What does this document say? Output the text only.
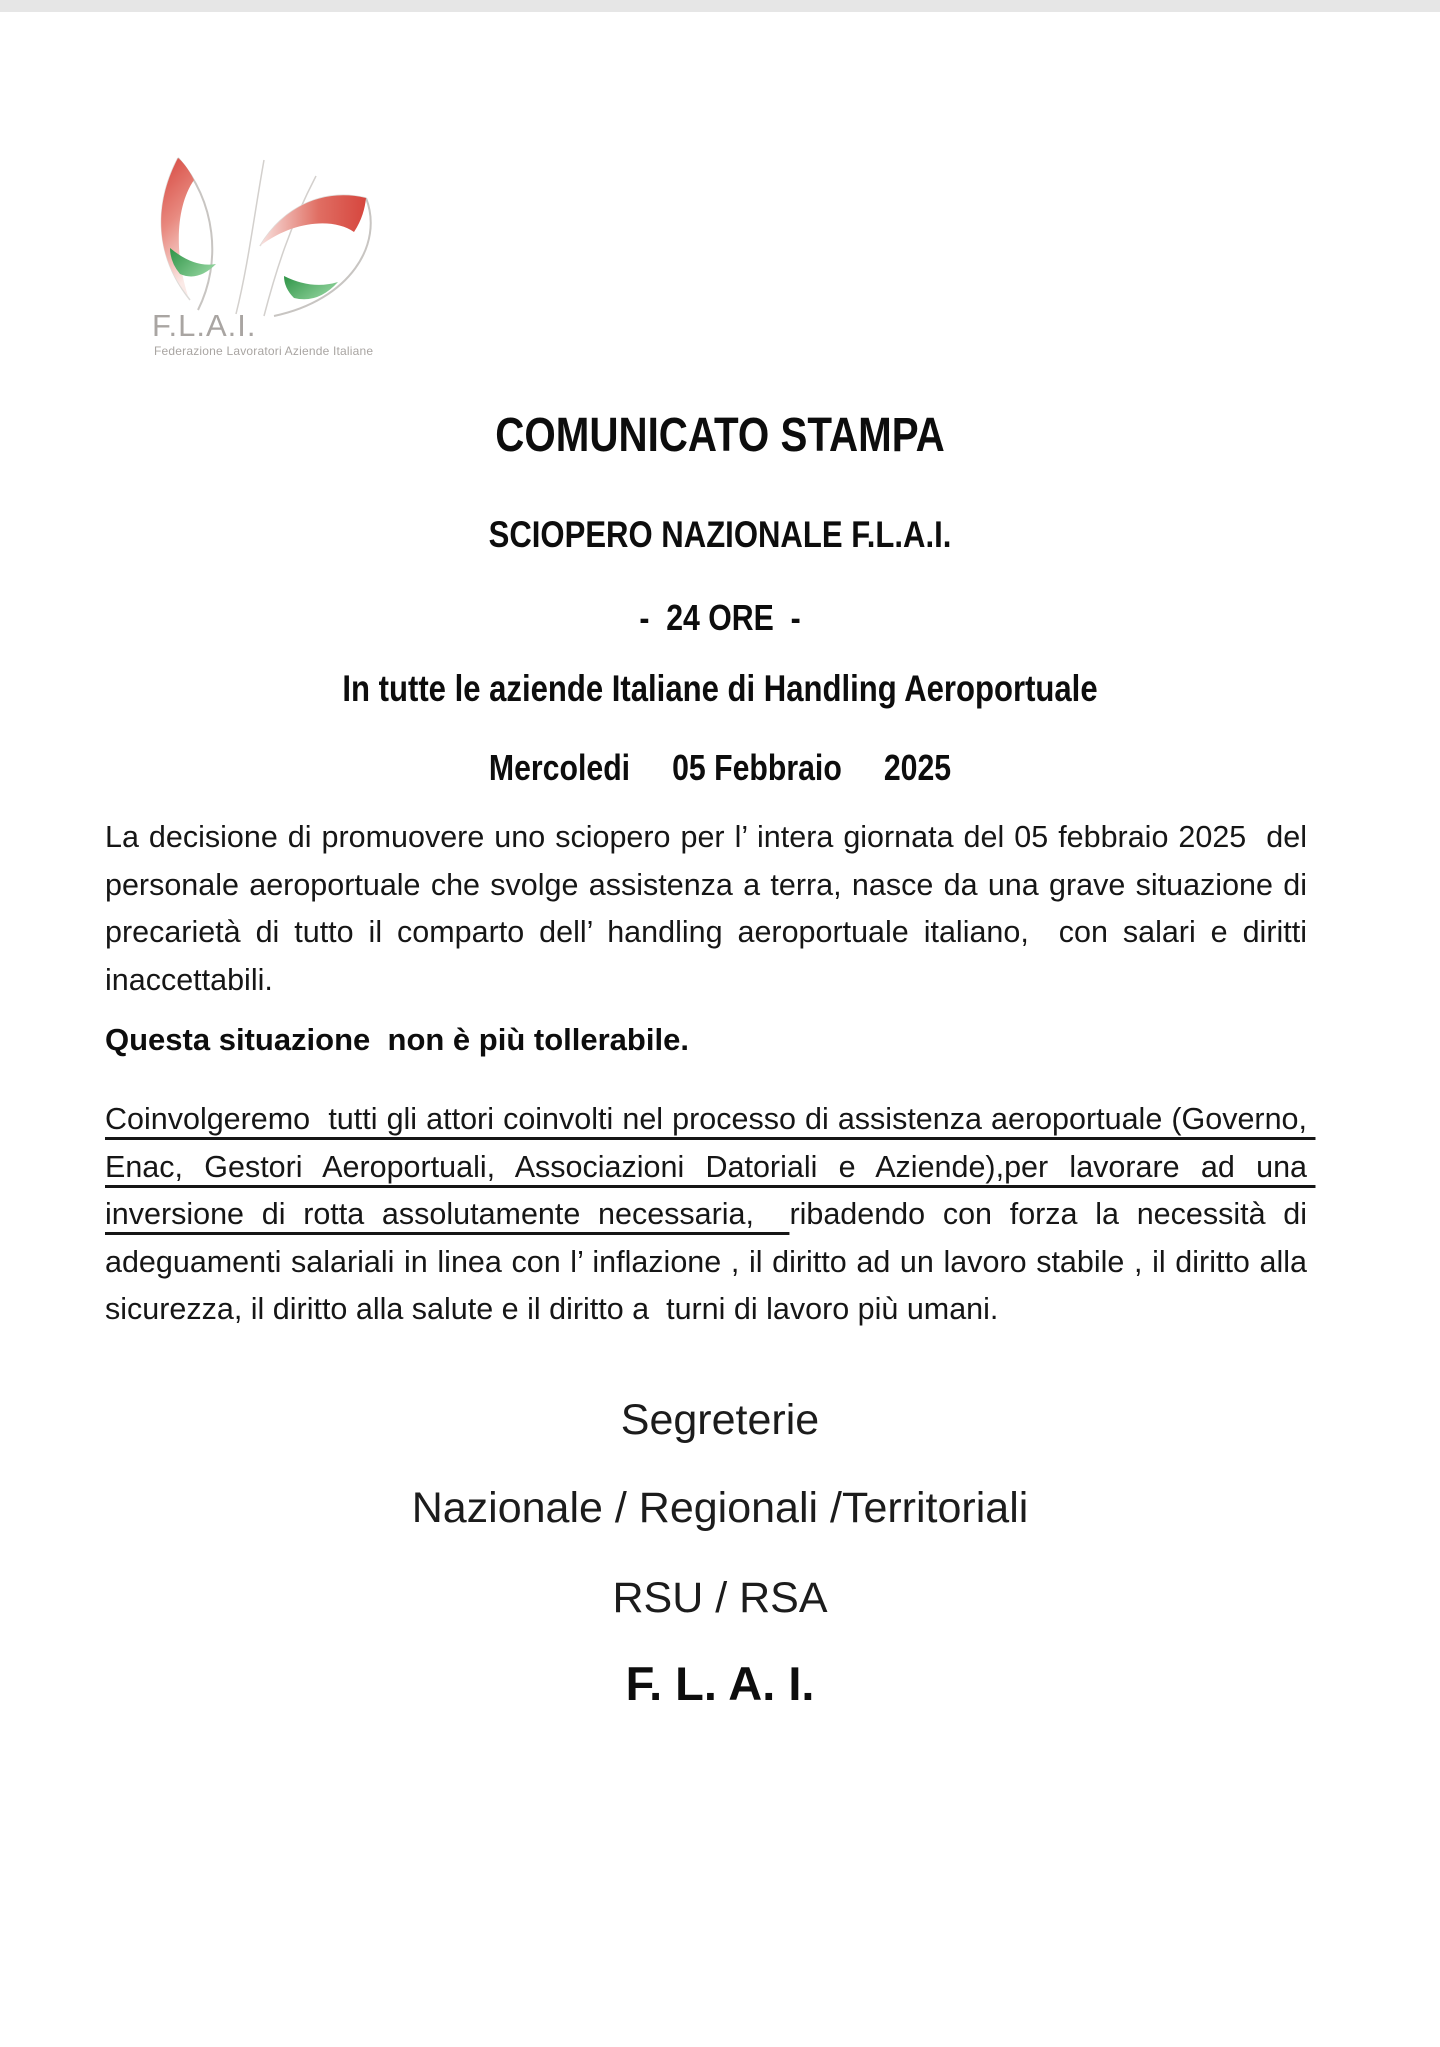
F.L.A.I.
Federazione Lavoratori Aziende Italiane
COMUNICATO STAMPA
SCIOPERO NAZIONALE F.L.A.I.
-  24 ORE  -
In tutte le aziende Italiane di Handling Aeroportuale
Mercoledi     05 Febbraio     2025

La decisione di promuovere uno sciopero per l’ intera giornata del 05 febbraio 2025  del personale aeroportuale che svolge assistenza a terra, nasce da una grave situazione di precarietà di tutto il comparto dell’ handling aeroportuale italiano,  con salari e diritti  inaccettabili.

Questa situazione  non è più tollerabile.

Coinvolgeremo  tutti gli attori coinvolti nel processo di assistenza aeroportuale (Governo, Enac, Gestori Aeroportuali, Associazioni Datoriali e Aziende),per lavorare ad una inversione di rotta assolutamente necessaria,  ribadendo con forza la necessità di adeguamenti salariali in linea con l’ inflazione , il diritto ad un lavoro stabile , il diritto alla sicurezza, il diritto alla salute e il diritto a  turni di lavoro più umani.

Segreterie
Nazionale / Regionali /Territoriali
RSU / RSA
F. L. A. I.
